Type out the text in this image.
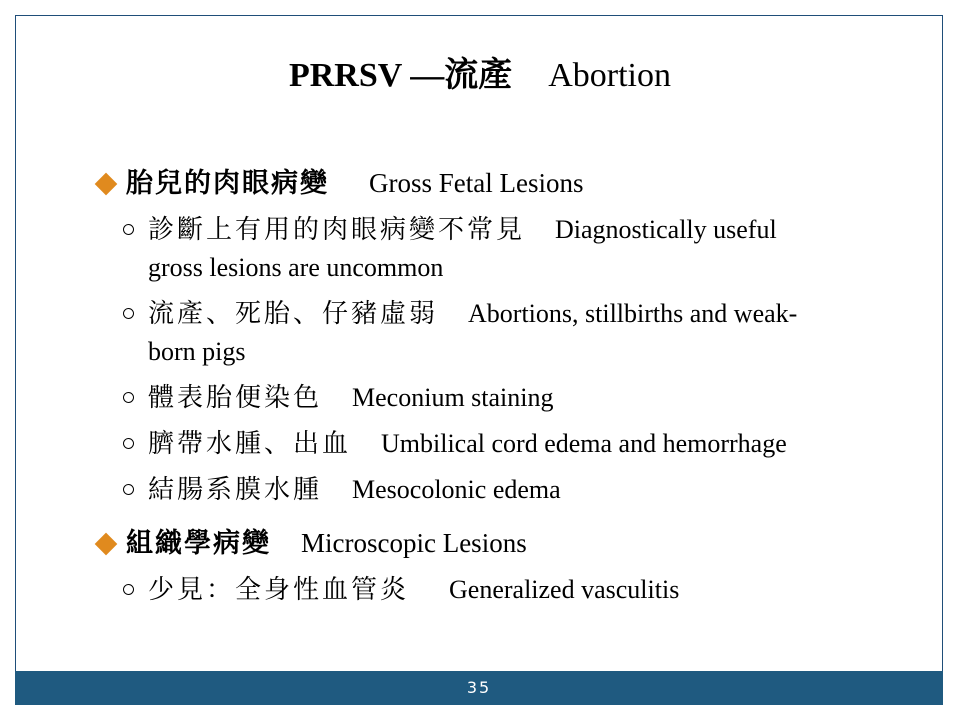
PRRSV —流產 Abortion
胎兒的肉眼病變 Gross Fetal Lesions
診斷上有用的肉眼病變不常見 Diagnostically useful
gross lesions are uncommon
流產、死胎、仔豬虛弱 Abortions, stillbirths and weak-
born pigs
體表胎便染色 Meconium staining
臍帶水腫、出血 Umbilical cord edema and hemorrhage
結腸系膜水腫 Mesocolonic edema
組織學病變 Microscopic Lesions
少見：全身性血管炎 Generalized vasculitis
35
